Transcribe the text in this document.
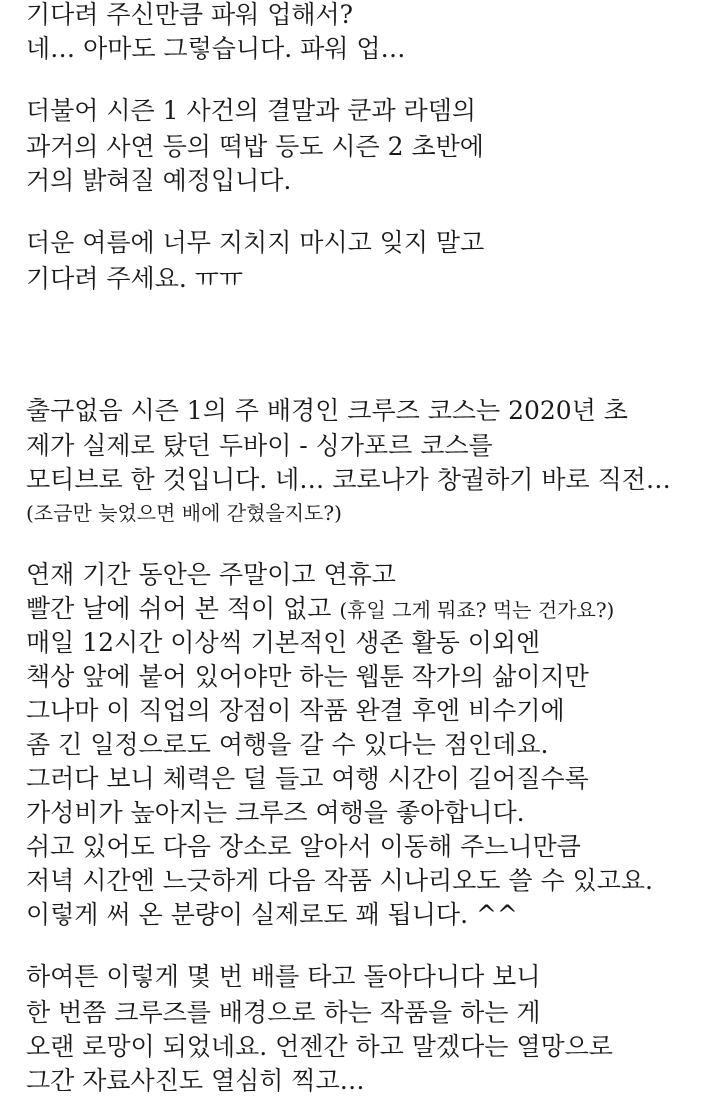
기다려 주신만큼 파워 업해서?
네… 아마도 그렇습니다. 파워 업…
더불어 시즌 1 사건의 결말과 쿤과 라뎀의
과거의 사연 등의 떡밥 등도 시즌 2 초반에
거의 밝혀질 예정입니다.
더운 여름에 너무 지치지 마시고 잊지 말고
기다려 주세요. ㅠㅠ
출구없음 시즌 1의 주 배경인 크루즈 코스는 2020년 초
제가 실제로 탔던 두바이 - 싱가포르 코스를
모티브로 한 것입니다. 네… 코로나가 창궐하기 바로 직전…
(조금만 늦었으면 배에 갇혔을지도?)
연재 기간 동안은 주말이고 연휴고
빨간 날에 쉬어 본 적이 없고 (휴일 그게 뭐죠? 먹는 건가요?)
매일 12시간 이상씩 기본적인 생존 활동 이외엔
책상 앞에 붙어 있어야만 하는 웹툰 작가의 삶이지만
그나마 이 직업의 장점이 작품 완결 후엔 비수기에
좀 긴 일정으로도 여행을 갈 수 있다는 점인데요.
그러다 보니 체력은 덜 들고 여행 시간이 길어질수록
가성비가 높아지는 크루즈 여행을 좋아합니다.
쉬고 있어도 다음 장소로 알아서 이동해 주느니만큼
저녁 시간엔 느긋하게 다음 작품 시나리오도 쓸 수 있고요.
이렇게 써 온 분량이 실제로도 꽤 됩니다. ^^
하여튼 이렇게 몇 번 배를 타고 돌아다니다 보니
한 번쯤 크루즈를 배경으로 하는 작품을 하는 게
오랜 로망이 되었네요. 언젠간 하고 말겠다는 열망으로
그간 자료사진도 열심히 찍고…
